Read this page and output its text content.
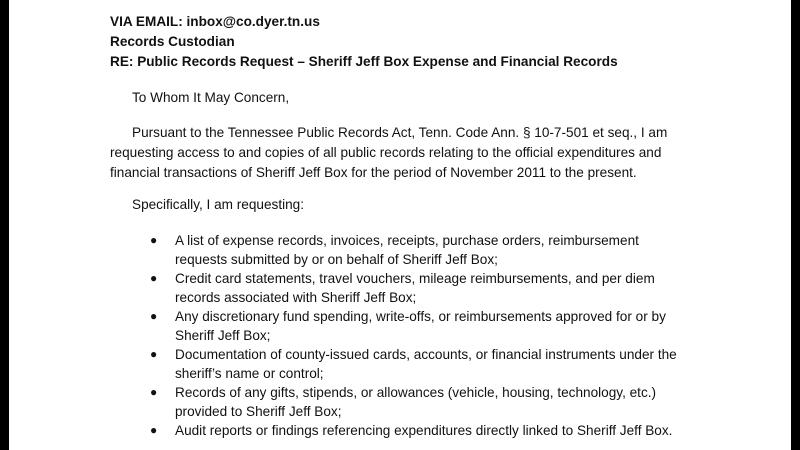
VIA EMAIL: inbox@co.dyer.tn.us
Records Custodian
RE: Public Records Request – Sheriff Jeff Box Expense and Financial Records
To Whom It May Concern,
Pursuant to the Tennessee Public Records Act, Tenn. Code Ann. § 10-7-501 et seq., I am
requesting access to and copies of all public records relating to the official expenditures and
financial transactions of Sheriff Jeff Box for the period of November 2011 to the present.
Specifically, I am requesting:
● A list of expense records, invoices, receipts, purchase orders, reimbursement
requests submitted by or on behalf of Sheriff Jeff Box;
● Credit card statements, travel vouchers, mileage reimbursements, and per diem
records associated with Sheriff Jeff Box;
● Any discretionary fund spending, write-offs, or reimbursements approved for or by
Sheriff Jeff Box;
● Documentation of county-issued cards, accounts, or financial instruments under the
sheriff’s name or control;
● Records of any gifts, stipends, or allowances (vehicle, housing, technology, etc.)
provided to Sheriff Jeff Box;
● Audit reports or findings referencing expenditures directly linked to Sheriff Jeff Box.
